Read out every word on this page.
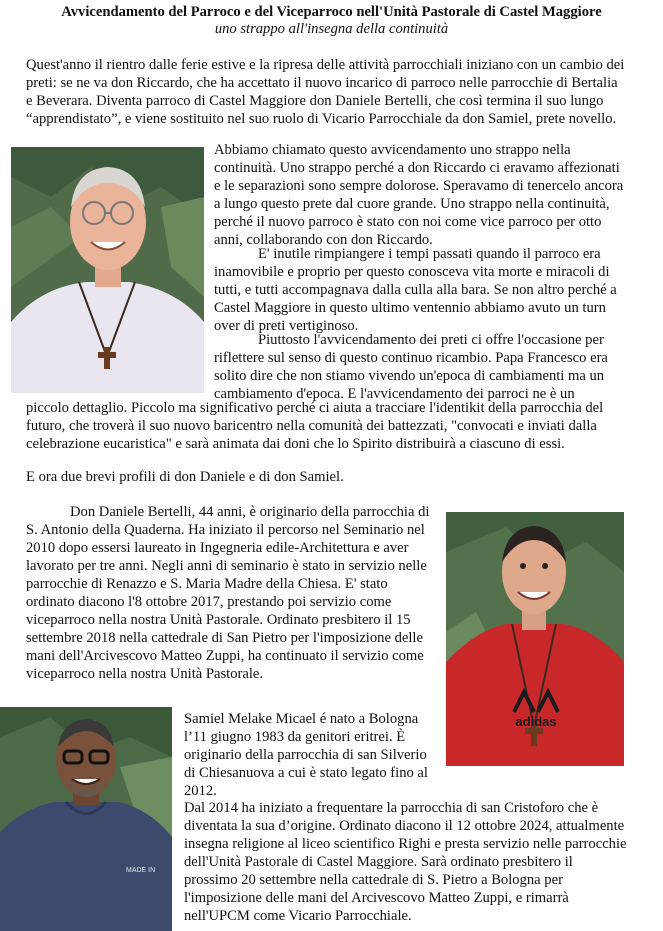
Avvicendamento del Parroco e del Viceparroco nell'Unità Pastorale di Castel Maggiore
uno strappo all'insegna della continuità

Quest'anno il rientro dalle ferie estive e la ripresa delle attività parrocchiali iniziano con un cambio dei preti: se ne va don Riccardo, che ha accettato il nuovo incarico di parroco nelle parrocchie di Bertalia e Beverara. Diventa parroco di Castel Maggiore don Daniele Bertelli, che così termina il suo lungo “apprendistato”, e viene sostituito nel suo ruolo di Vicario Parrocchiale da don Samiel, prete novello.

Abbiamo chiamato questo avvicendamento uno strappo nella continuità. Uno strappo perché a don Riccardo ci eravamo affezionati e le separazioni sono sempre dolorose. Speravamo di tenercelo ancora a lungo questo prete dal cuore grande. Uno strappo nella continuità, perché il nuovo parroco è stato con noi come vice parroco per otto anni, collaborando con don Riccardo.

E' inutile rimpiangere i tempi passati quando il parroco era inamovibile e proprio per questo conosceva vita morte e miracoli di tutti, e tutti accompagnava dalla culla alla bara. Se non altro perché a Castel Maggiore in questo ultimo ventennio abbiamo avuto un turn over di preti vertiginoso.

Piuttosto l'avvicendamento dei preti ci offre l'occasione per riflettere sul senso di questo continuo ricambio. Papa Francesco era solito dire che non stiamo vivendo un'epoca di cambiamenti ma un cambiamento d'epoca. E l'avvicendamento dei parroci ne è un

piccolo dettaglio. Piccolo ma significativo perché ci aiuta a tracciare l'identikit della parrocchia del futuro, che troverà il suo nuovo baricentro nella comunità dei battezzati, "convocati e inviati dalla celebrazione eucaristica" e sarà animata dai doni che lo Spirito distribuirà a ciascuno di essi.

E ora due brevi profili di don Daniele e di don Samiel.

Don Daniele Bertelli, 44 anni, è originario della parrocchia di S. Antonio della Quaderna. Ha iniziato il percorso nel Seminario nel 2010 dopo essersi laureato in Ingegneria edile-Architettura e aver lavorato per tre anni. Negli anni di seminario è stato in servizio nelle parrocchie di Renazzo e S. Maria Madre della Chiesa. E' stato ordinato diacono l'8 ottobre 2017, prestando poi servizio come viceparroco nella nostra Unità Pastorale. Ordinato presbitero il 15 settembre 2018 nella cattedrale di San Pietro per l'imposizione delle mani dell'Arcivescovo Matteo Zuppi, ha continuato il servizio come viceparroco nella nostra Unità Pastorale.

adidas
MADE IN

Samiel Melake Micael é nato a Bologna l’11 giugno 1983 da genitori eritrei. È originario della parrocchia di san Silverio di Chiesanuova a cui è stato legato fino al 2012.

Dal 2014 ha iniziato a frequentare la parrocchia di san Cristoforo che è diventata la sua d’origine. Ordinato diacono il 12 ottobre 2024, attualmente insegna religione al liceo scientifico Righi e presta servizio nelle parrocchie dell'Unità Pastorale di Castel Maggiore. Sarà ordinato presbitero il prossimo 20 settembre nella cattedrale di S. Pietro a Bologna per l'imposizione delle mani del Arcivescovo Matteo Zuppi, e rimarrà nell'UPCM come Vicario Parrocchiale.
